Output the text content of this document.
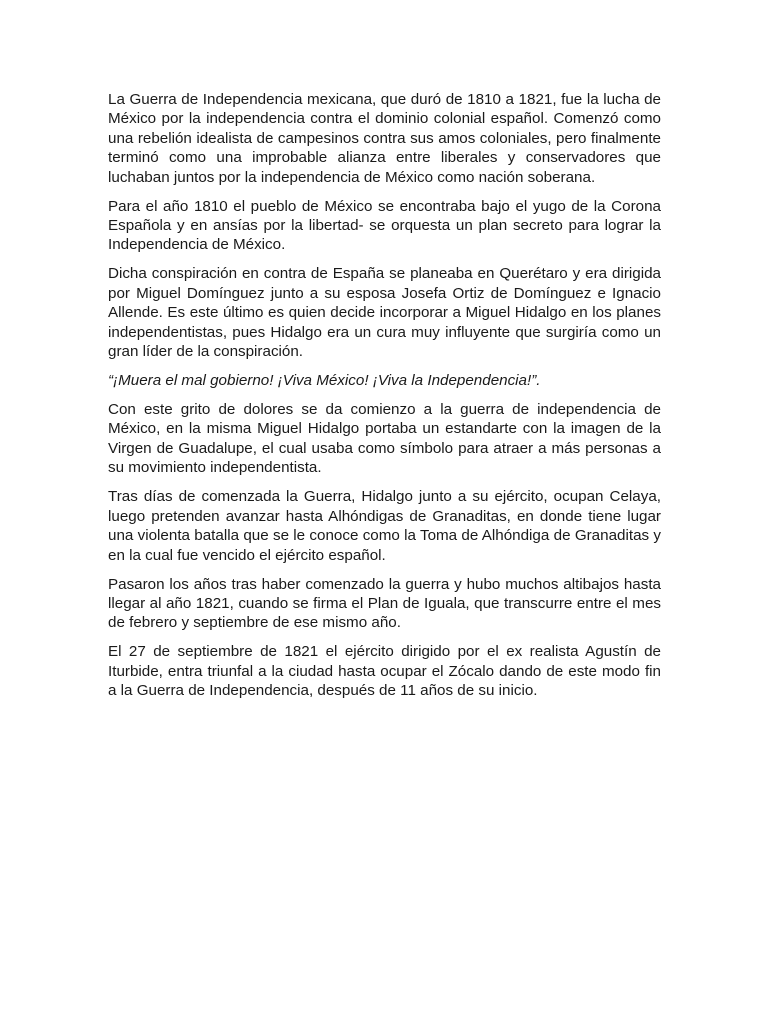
La Guerra de Independencia mexicana, que duró de 1810 a 1821, fue la lucha de México por la independencia contra el dominio colonial español. Comenzó como una rebelión idealista de campesinos contra sus amos coloniales, pero finalmente terminó como una improbable alianza entre liberales y conservadores que luchaban juntos por la independencia de México como nación soberana.

Para el año 1810 el pueblo de México se encontraba bajo el yugo de la Corona Española y en ansías por la libertad- se orquesta un plan secreto para lograr la Independencia de México.

Dicha conspiración en contra de España se planeaba en Querétaro y era dirigida por Miguel Domínguez junto a su esposa Josefa Ortiz de Domínguez e Ignacio Allende. Es este último es quien decide incorporar a Miguel Hidalgo en los planes independentistas, pues Hidalgo era un cura muy influyente que surgiría como un gran líder de la conspiración.

“¡Muera el mal gobierno! ¡Viva México! ¡Viva la Independencia!”.

Con este grito de dolores se da comienzo a la guerra de independencia de México, en la misma Miguel Hidalgo portaba un estandarte con la imagen de la Virgen de Guadalupe, el cual usaba como símbolo para atraer a más personas a su movimiento independentista.

Tras días de comenzada la Guerra, Hidalgo junto a su ejército, ocupan Celaya, luego pretenden avanzar hasta Alhóndigas de Granaditas, en donde tiene lugar una violenta batalla que se le conoce como la Toma de Alhóndiga de Granaditas y en la cual fue vencido el ejército español.

Pasaron los años tras haber comenzado la guerra y hubo muchos altibajos hasta llegar al año 1821, cuando se firma el Plan de Iguala, que transcurre entre el mes de febrero y septiembre de ese mismo año.

El 27 de septiembre de 1821 el ejército dirigido por el ex realista Agustín de Iturbide, entra triunfal a la ciudad hasta ocupar el Zócalo dando de este modo fin a la Guerra de Independencia, después de 11 años de su inicio.
